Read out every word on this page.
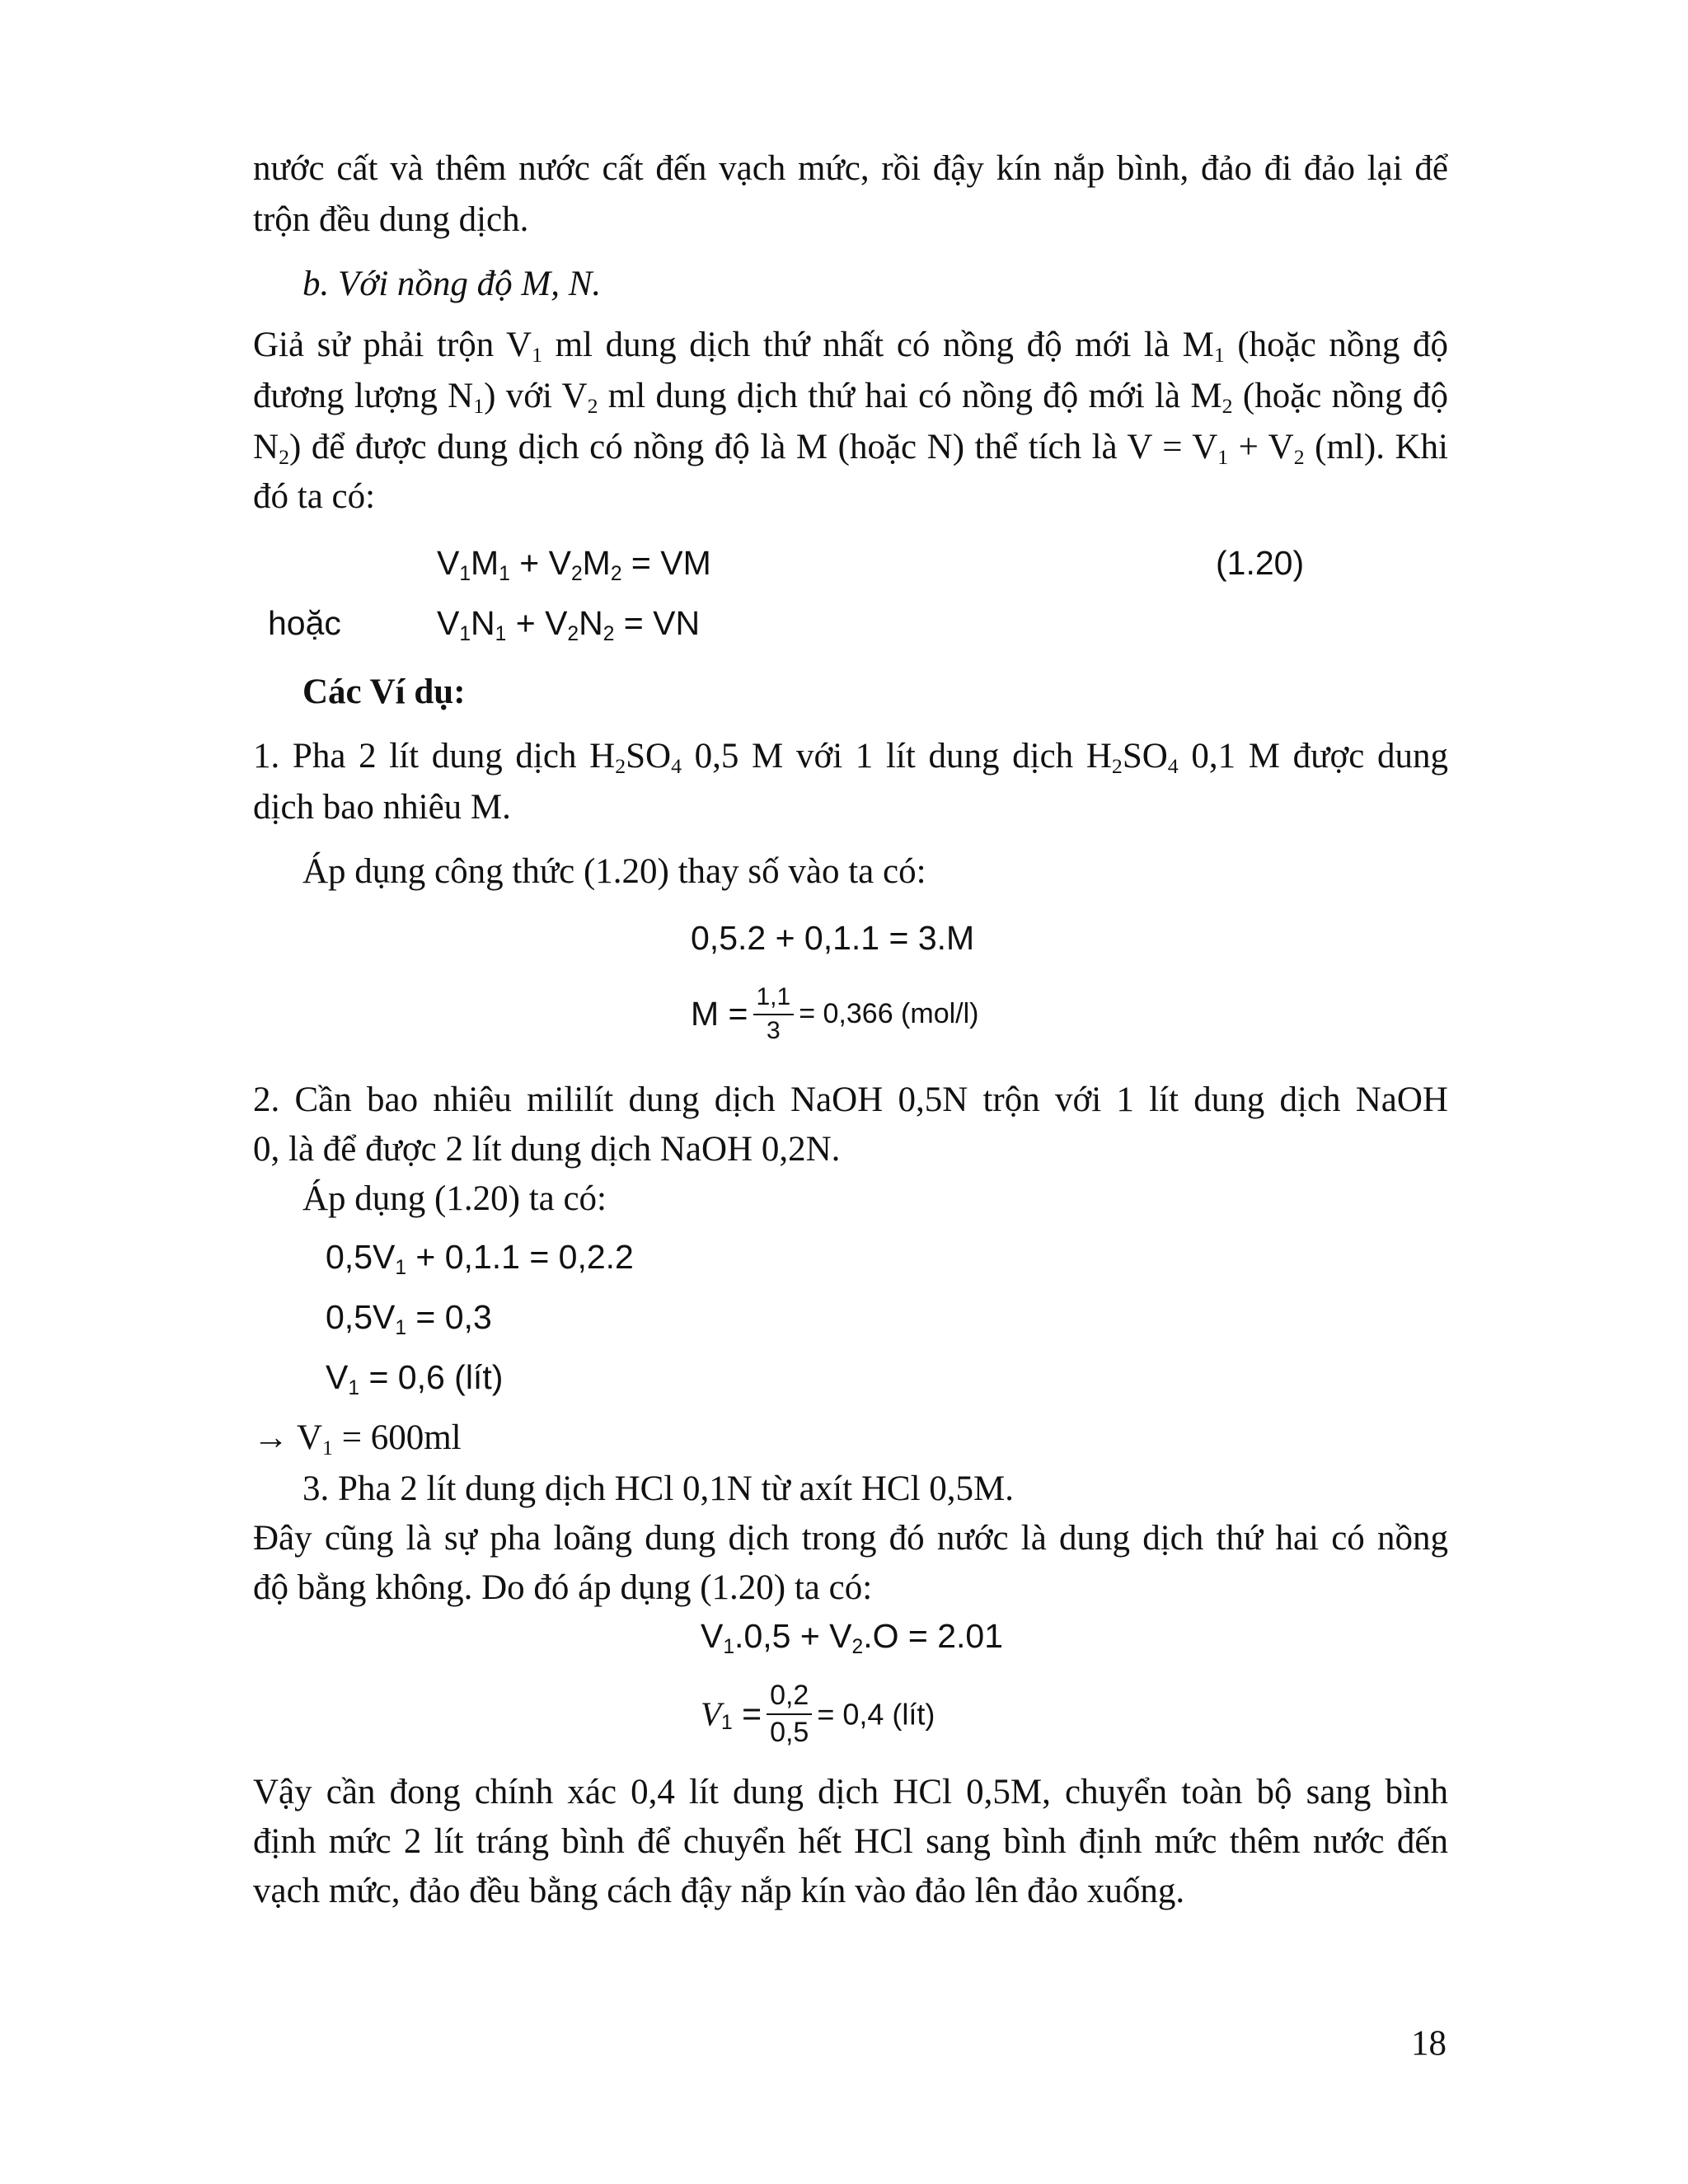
nước cất và thêm nước cất đến vạch mức, rồi đậy kín nắp bình, đảo đi đảo lại để
trộn đều dung dịch.
b. Với nồng độ M, N.
Giả sử phải trộn $V_1$ ml dung dịch thứ nhất có nồng độ mới là $M_1$ (hoặc nồng độ
đương lượng $N_1$) với $V_2$ ml dung dịch thứ hai có nồng độ mới là $M_2$ (hoặc nồng độ
$N_2$) để được dung dịch có nồng độ là M (hoặc N) thể tích là $V = V_1 + V_2$ (ml). Khi
đó ta có:
$V_1M_1 + V_2M_2$ = VM	(1.20)
hoặc	$V_1N_1 + V_2N_2$ = VN
Các Ví dụ:
1. Pha 2 lít dung dịch $H_2SO_4$ 0,5 M với 1 lít dung dịch $H_2SO_4$ 0,1 M được dung
dịch bao nhiêu M.
Áp dụng công thức (1.20) thay số vào ta có:
0,5.2 + 0,1.1 = 3.M
$M = \frac{1,1}{3} = 0,366$ (mol/l)
2. Cần bao nhiêu mililít dung dịch NaOH 0,5N trộn với 1 lít dung dịch NaOH
0, là để được 2 lít dung dịch NaOH 0,2N.
Áp dụng (1.20) ta có:
$0,5V_1 + 0,1.1 = 0,2.2$
$0,5V_1 = 0,3$
$V_1 = 0,6$ (lít)
→ $V_1 = 600ml$
3. Pha 2 lít dung dịch HCl 0,1N từ axít HCl 0,5M.
Đây cũng là sự pha loãng dung dịch trong đó nước là dung dịch thứ hai có nồng
độ bằng không. Do đó áp dụng (1.20) ta có:
$V_1.0,5 + V_2.O = 2.01$
$V_1 = \frac{0,2}{0,5} = 0,4$ (lít)
Vậy cần đong chính xác 0,4 lít dung dịch HCl 0,5M, chuyển toàn bộ sang bình
định mức 2 lít tráng bình để chuyển hết HCl sang bình định mức thêm nước đến
vạch mức, đảo đều bằng cách đậy nắp kín vào đảo lên đảo xuống.
18
